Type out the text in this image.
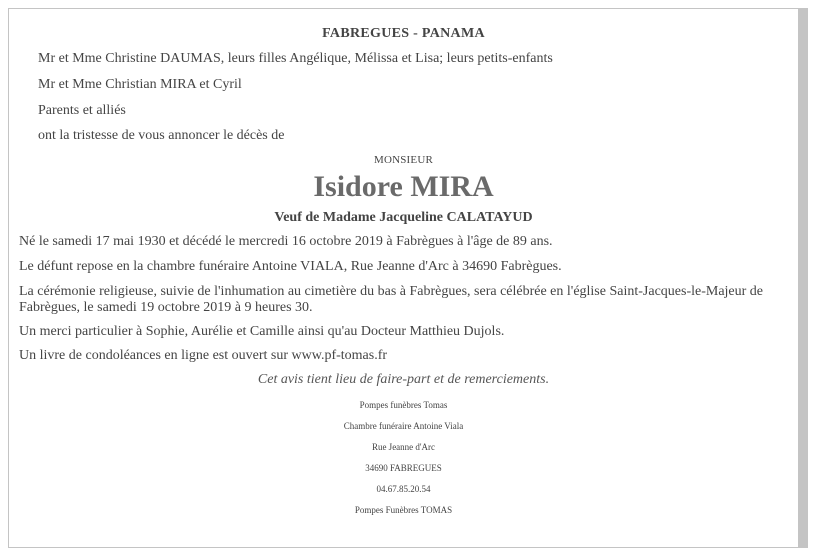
FABREGUES - PANAMA

Mr et Mme Christine DAUMAS, leurs filles Angélique, Mélissa et Lisa; leurs petits-enfants

Mr et Mme Christian MIRA et Cyril

Parents et alliés

ont la tristesse de vous annoncer le décès de

MONSIEUR
Isidore MIRA
Veuf de Madame Jacqueline CALATAYUD

Né le samedi 17 mai 1930 et décédé le mercredi 16 octobre 2019 à Fabrègues à l'âge de 89 ans.

Le défunt repose en la chambre funéraire Antoine VIALA, Rue Jeanne d'Arc à 34690 Fabrègues.

La cérémonie religieuse, suivie de l'inhumation au cimetière du bas à Fabrègues, sera célébrée en l'église Saint-Jacques-le-Majeur de Fabrègues, le samedi 19 octobre 2019 à 9 heures 30.

Un merci particulier à Sophie, Aurélie et Camille ainsi qu'au Docteur Matthieu Dujols.

Un livre de condoléances en ligne est ouvert sur www.pf-tomas.fr

Cet avis tient lieu de faire-part et de remerciements.
Pompes funèbres Tomas
Chambre funéraire Antoine Viala
Rue Jeanne d'Arc
34690 FABREGUES
04.67.85.20.54
Pompes Funèbres TOMAS
